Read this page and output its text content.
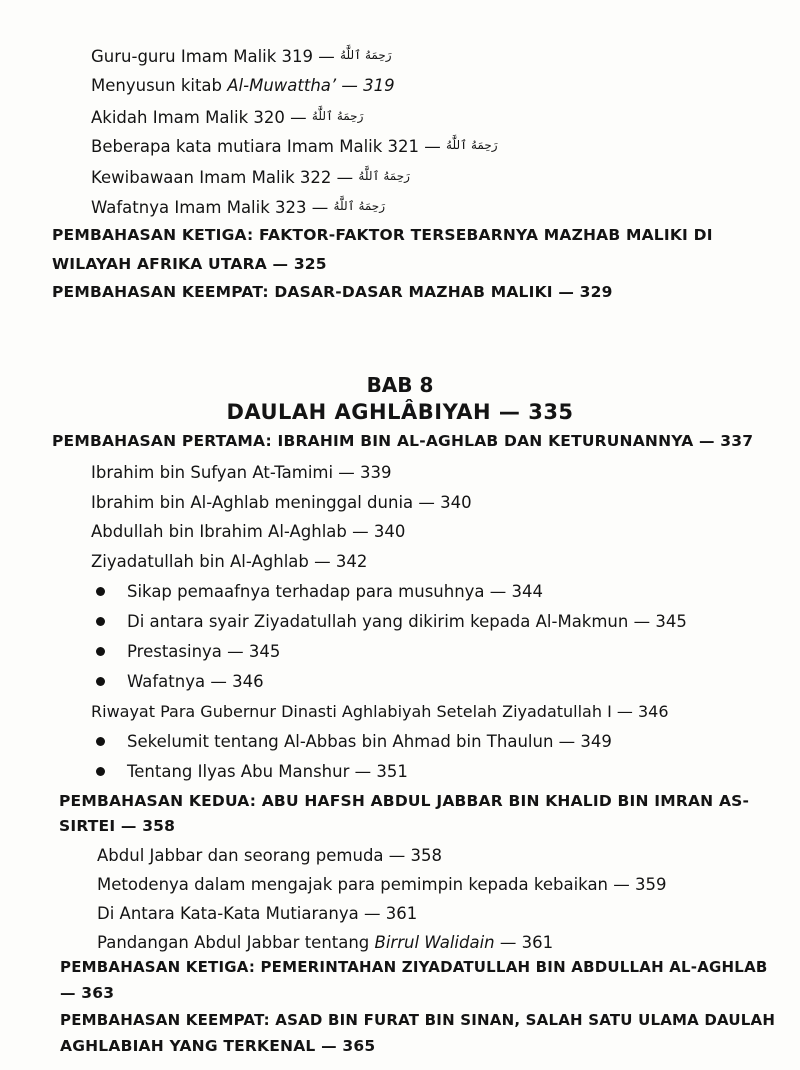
Guru-guru Imam Malik	رَحِمَهُ ٱللَّٰهُ — 319
Menyusun kitab Al-Muwattha’ — 319
Akidah Imam Malik	رَحِمَهُ ٱللَّٰهُ — 320
Beberapa kata mutiara Imam Malik	رَحِمَهُ ٱللَّٰهُ — 321
Kewibawaan Imam Malik	رَحِمَهُ ٱللَّٰهُ — 322
Wafatnya Imam Malik	رَحِمَهُ ٱللَّٰهُ — 323
PEMBAHASAN KETIGA: FAKTOR-FAKTOR TERSEBARNYA MAZHAB MALIKI DI
WILAYAH AFRIKA UTARA — 325
PEMBAHASAN KEEMPAT: DASAR-DASAR MAZHAB MALIKI — 329
BAB 8
DAULAH AGHLÂBIYAH — 335
PEMBAHASAN PERTAMA: IBRAHIM BIN AL-AGHLAB DAN KETURUNANNYA — 337
Ibrahim bin Sufyan At-Tamimi — 339
Ibrahim bin Al-Aghlab meninggal dunia — 340
Abdullah bin Ibrahim Al-Aghlab — 340
Ziyadatullah bin Al-Aghlab — 342
Sikap pemaafnya terhadap para musuhnya — 344
Di antara syair Ziyadatullah yang dikirim kepada Al-Makmun — 345
Prestasinya — 345
Wafatnya — 346
Riwayat Para Gubernur Dinasti Aghlabiyah Setelah Ziyadatullah I — 346
Sekelumit tentang Al-Abbas bin Ahmad bin Thaulun — 349
Tentang Ilyas Abu Manshur — 351
PEMBAHASAN KEDUA: ABU HAFSH ABDUL JABBAR BIN KHALID BIN IMRAN AS-
SIRTEI — 358
Abdul Jabbar dan seorang pemuda — 358
Metodenya dalam mengajak para pemimpin kepada kebaikan — 359
Di Antara Kata-Kata Mutiaranya — 361
Pandangan Abdul Jabbar tentang Birrul Walidain — 361
PEMBAHASAN KETIGA: PEMERINTAHAN ZIYADATULLAH BIN ABDULLAH AL-AGHLAB
— 363
PEMBAHASAN KEEMPAT: ASAD BIN FURAT BIN SINAN, SALAH SATU ULAMA DAULAH
AGHLABIAH YANG TERKENAL — 365
